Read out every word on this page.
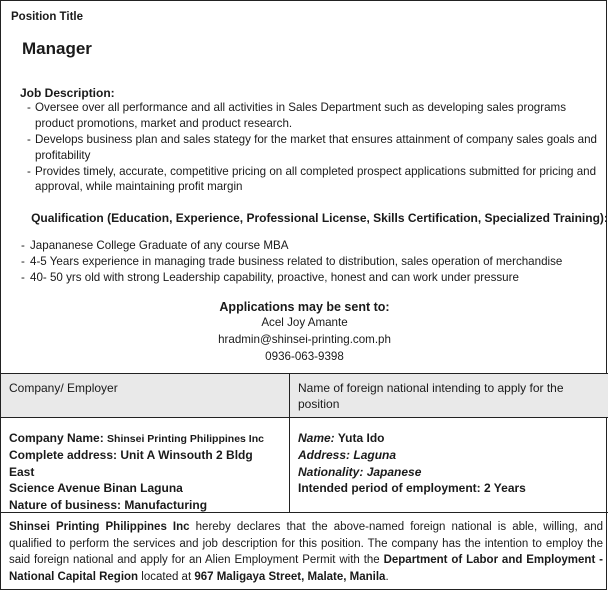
Position Title
Manager
Job Description:
- Oversee over all performance and all activities in Sales Department such as developing sales programs product promotions, market and product research.
- Develops business plan and sales stategy for the market that ensures attainment of company sales goals and profitability
- Provides timely, accurate, competitive pricing on all completed prospect applications submitted for pricing and approval, while maintaining profit margin
Qualification (Education, Experience, Professional License, Skills Certification, Specialized Training):
- Japananese College Graduate of any course MBA
- 4-5 Years experience in managing trade business related to distribution, sales operation of merchandise
- 40- 50 yrs old with strong Leadership capability, proactive, honest and can work under pressure
Applications may be sent to:
Acel Joy Amante
hradmin@shinsei-printing.com.ph
0936-063-9398
Company/ Employer	Name of foreign national intending to apply for the position
Company Name: Shinsei Printing Philippines Inc
Complete address: Unit A Winsouth 2 Bldg East
Science Avenue Binan Laguna
Nature of business: Manufacturing
Name: Yuta Ido
Address: Laguna
Nationality: Japanese
Intended period of employment: 2 Years
Shinsei Printing Philippines Inc hereby declares that the above-named foreign national is able, willing, and qualified to perform the services and job description for this position. The company has the intention to employ the said foreign national and apply for an Alien Employment Permit with the Department of Labor and Employment - National Capital Region located at 967 Maligaya Street, Malate, Manila.
